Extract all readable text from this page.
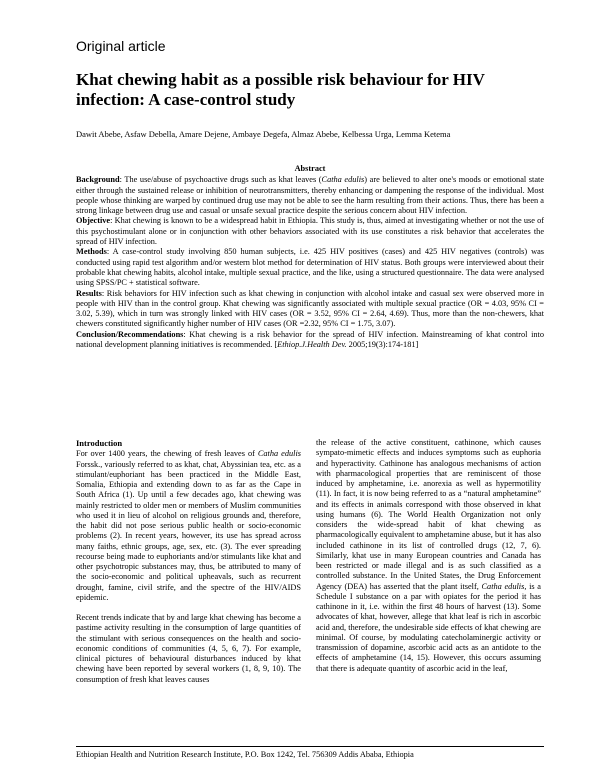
Original article
Khat chewing habit as a possible risk behaviour for HIV infection: A case-control study
Dawit Abebe, Asfaw Debella, Amare Dejene, Ambaye Degefa, Almaz Abebe, Kelbessa Urga, Lemma Ketema
Abstract

Background: The use/abuse of psychoactive drugs such as khat leaves (Catha edulis) are believed to alter one's moods or emotional state either through the sustained release or inhibition of neurotransmitters, thereby enhancing or dampening the response of the individual. Most people whose thinking are warped by continued drug use may not be able to see the harm resulting from their actions. Thus, there has been a strong linkage between drug use and casual or unsafe sexual practice despite the serious concern about HIV infection.

Objective: Khat chewing is known to be a widespread habit in Ethiopia. This study is, thus, aimed at investigating whether or not the use of this psychostimulant alone or in conjunction with other behaviors associated with its use constitutes a risk behavior that accelerates the spread of HIV infection.

Methods: A case-control study involving 850 human subjects, i.e. 425 HIV positives (cases) and 425 HIV negatives (controls) was conducted using rapid test algorithm and/or western blot method for determination of HIV status. Both groups were interviewed about their probable khat chewing habits, alcohol intake, multiple sexual practice, and the like, using a structured questionnaire. The data were analysed using SPSS/PC + statistical software.

Results: Risk behaviors for HIV infection such as khat chewing in conjunction with alcohol intake and casual sex were observed more in people with HIV than in the control group. Khat chewing was significantly associated with multiple sexual practice (OR = 4.03, 95% CI = 3.02, 5.39), which in turn was strongly linked with HIV cases (OR = 3.52, 95% CI = 2.64, 4.69). Thus, more than the non-chewers, khat chewers constituted significantly higher number of HIV cases (OR =2.32, 95% CI = 1.75, 3.07).

Conclusion/Recommendations: Khat chewing is a risk behavior for the spread of HIV infection. Mainstreaming of khat control into national development planning initiatives is recommended. [Ethiop.J.Health Dev. 2005;19(3):174-181]

Introduction

For over 1400 years, the chewing of fresh leaves of Catha edulis Forssk., variously referred to as khat, chat, Abyssinian tea, etc. as a stimulant/euphoriant has been practiced in the Middle East, Somalia, Ethiopia and extending down to as far as the Cape in South Africa (1). Up until a few decades ago, khat chewing was mainly restricted to older men or members of Muslim communities who used it in lieu of alcohol on religious grounds and, therefore, the habit did not pose serious public health or socio-economic problems (2). In recent years, however, its use has spread across many faiths, ethnic groups, age, sex, etc. (3). The ever spreading recourse being made to euphoriants and/or stimulants like khat and other psychotropic substances may, thus, be attributed to many of the socio-economic and political upheavals, such as recurrent drought, famine, civil strife, and the spectre of the HIV/AIDS epidemic.

Recent trends indicate that by and large khat chewing has become a pastime activity resulting in the consumption of large quantities of the stimulant with serious consequences on the health and socio-economic conditions of communities (4, 5, 6, 7). For example, clinical pictures of behavioural disturbances induced by khat chewing have been reported by several workers (1, 8, 9, 10). The consumption of fresh khat leaves causes

the release of the active constituent, cathinone, which causes sympato-mimetic effects and induces symptoms such as euphoria and hyperactivity. Cathinone has analogous mechanisms of action with pharmacological properties that are reminiscent of those induced by amphetamine, i.e. anorexia as well as hypermotility (11). In fact, it is now being referred to as a “natural amphetamine” and its effects in animals correspond with those observed in khat using humans (6). The World Health Organization not only considers the wide-spread habit of khat chewing as pharmacologically equivalent to amphetamine abuse, but it has also included cathinone in its list of controlled drugs (12, 7, 6). Similarly, khat use in many European countries and Canada has been restricted or made illegal and is as such classified as a controlled substance. In the United States, the Drug Enforcement Agency (DEA) has asserted that the plant itself, Catha edulis, is a Schedule I substance on a par with opiates for the period it has cathinone in it, i.e. within the first 48 hours of harvest (13). Some advocates of khat, however, allege that khat leaf is rich in ascorbic acid and, therefore, the undesirable side effects of khat chewing are minimal. Of course, by modulating catecholaminergic activity or transmission of dopamine, ascorbic acid acts as an antidote to the effects of amphetamine (14, 15). However, this occurs assuming that there is adequate quantity of ascorbic acid in the leaf,

Ethiopian Health and Nutrition Research Institute, P.O. Box 1242, Tel. 756309 Addis Ababa, Ethiopia
